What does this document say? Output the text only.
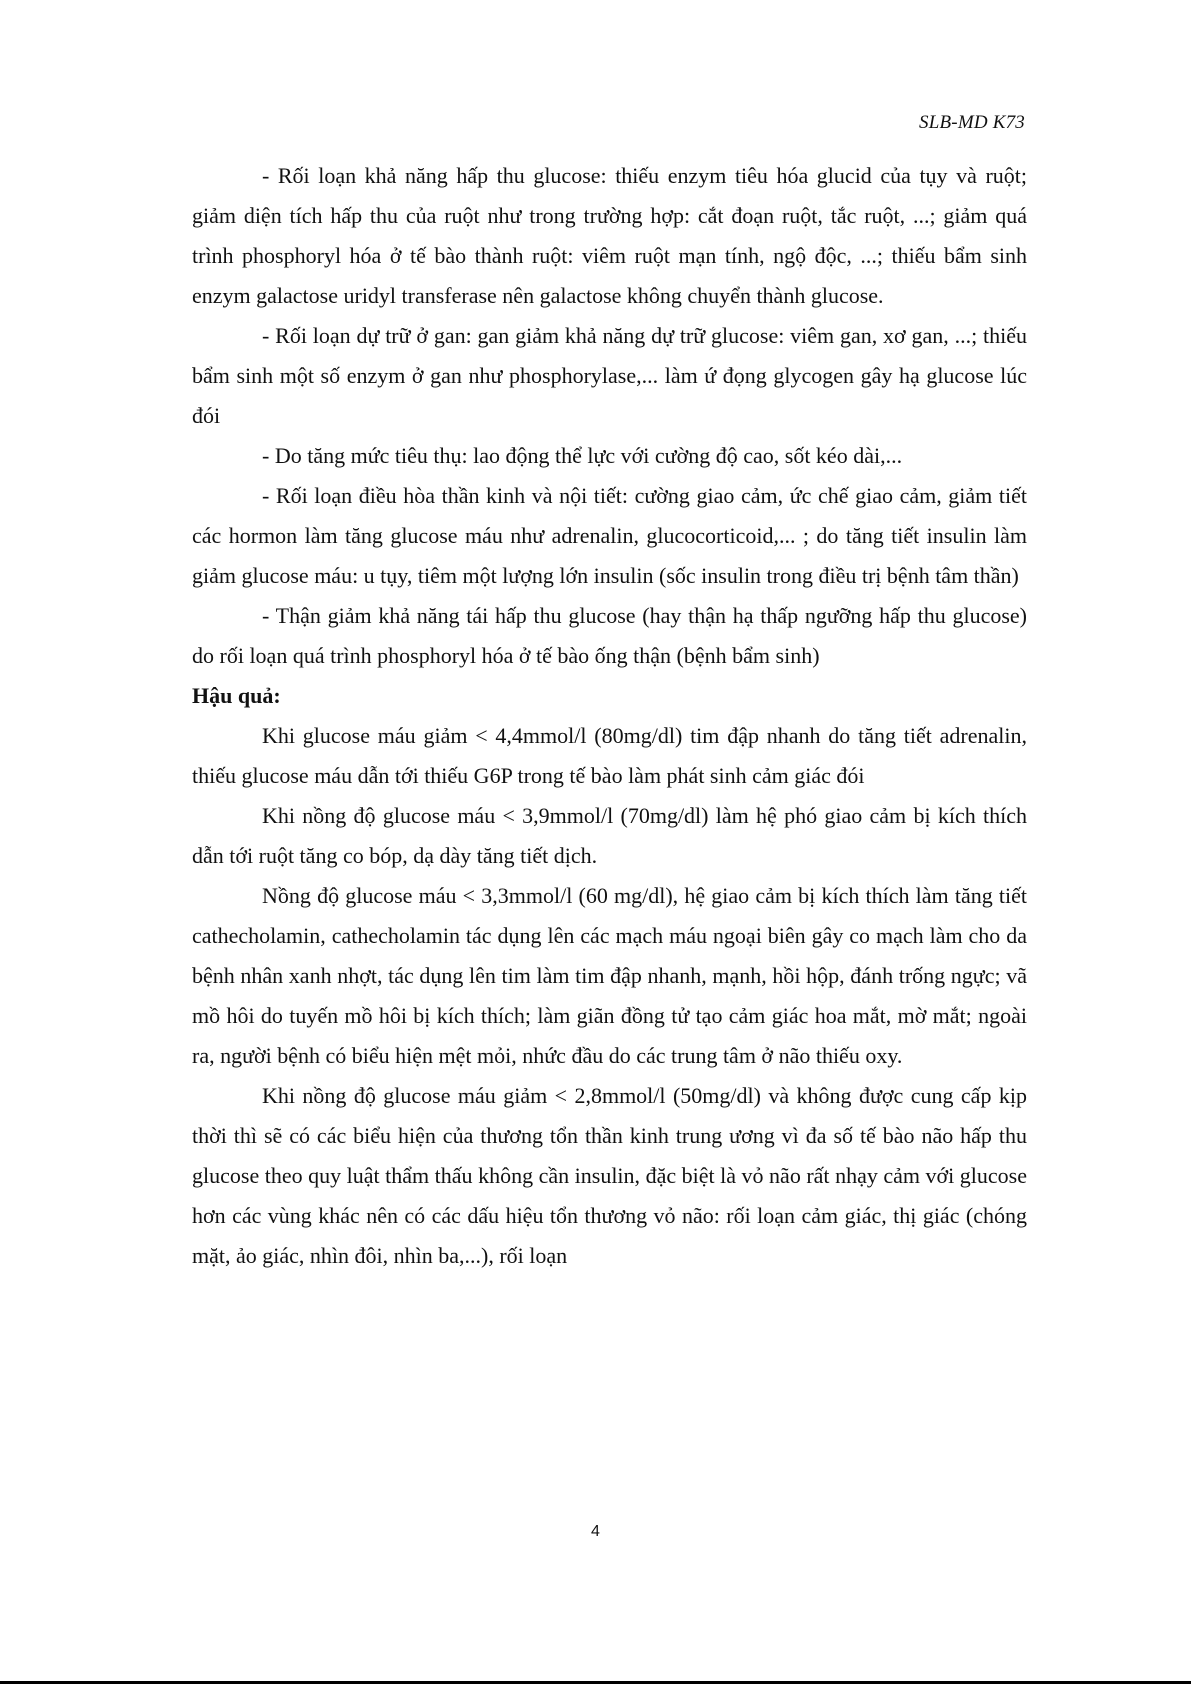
SLB-MD K73

- Rối loạn khả năng hấp thu glucose: thiếu enzym tiêu hóa glucid của tụy và ruột; giảm diện tích hấp thu của ruột như trong trường hợp: cắt đoạn ruột, tắc ruột, ...; giảm quá trình phosphoryl hóa ở tế bào thành ruột: viêm ruột mạn tính, ngộ độc, ...; thiếu bẩm sinh enzym galactose uridyl transferase nên galactose không chuyển thành glucose.

- Rối loạn dự trữ ở gan: gan giảm khả năng dự trữ glucose: viêm gan, xơ gan, ...; thiếu bẩm sinh một số enzym ở gan như phosphorylase,... làm ứ đọng glycogen gây hạ glucose lúc đói

- Do tăng mức tiêu thụ: lao động thể lực với cường độ cao, sốt kéo dài,...

- Rối loạn điều hòa thần kinh và nội tiết: cường giao cảm, ức chế giao cảm, giảm tiết các hormon làm tăng glucose máu như adrenalin, glucocorticoid,... ; do tăng tiết insulin làm giảm glucose máu: u tụy, tiêm một lượng lớn insulin (sốc insulin trong điều trị bệnh tâm thần)

- Thận giảm khả năng tái hấp thu glucose (hay thận hạ thấp ngưỡng hấp thu glucose) do rối loạn quá trình phosphoryl hóa ở tế bào ống thận (bệnh bẩm sinh)

Hậu quả:

Khi glucose máu giảm < 4,4mmol/l (80mg/dl) tim đập nhanh do tăng tiết adrenalin, thiếu glucose máu dẫn tới thiếu G6P trong tế bào làm phát sinh cảm giác đói

Khi nồng độ glucose máu < 3,9mmol/l (70mg/dl) làm hệ phó giao cảm bị kích thích dẫn tới ruột tăng co bóp, dạ dày tăng tiết dịch.

Nồng độ glucose máu < 3,3mmol/l (60 mg/dl), hệ giao cảm bị kích thích làm tăng tiết cathecholamin, cathecholamin tác dụng lên các mạch máu ngoại biên gây co mạch làm cho da bệnh nhân xanh nhợt, tác dụng lên tim làm tim đập nhanh, mạnh, hồi hộp, đánh trống ngực; vã mồ hôi do tuyến mồ hôi bị kích thích; làm giãn đồng tử tạo cảm giác hoa mắt, mờ mắt; ngoài ra, người bệnh có biểu hiện mệt mỏi, nhức đầu do các trung tâm ở não thiếu oxy.

Khi nồng độ glucose máu giảm < 2,8mmol/l (50mg/dl) và không được cung cấp kịp thời thì sẽ có các biểu hiện của thương tổn thần kinh trung ương vì đa số tế bào não hấp thu glucose theo quy luật thẩm thấu không cần insulin, đặc biệt là vỏ não rất nhạy cảm với glucose hơn các vùng khác nên có các dấu hiệu tổn thương vỏ não: rối loạn cảm giác, thị giác (chóng mặt, ảo giác, nhìn đôi, nhìn ba,...), rối loạn

4
